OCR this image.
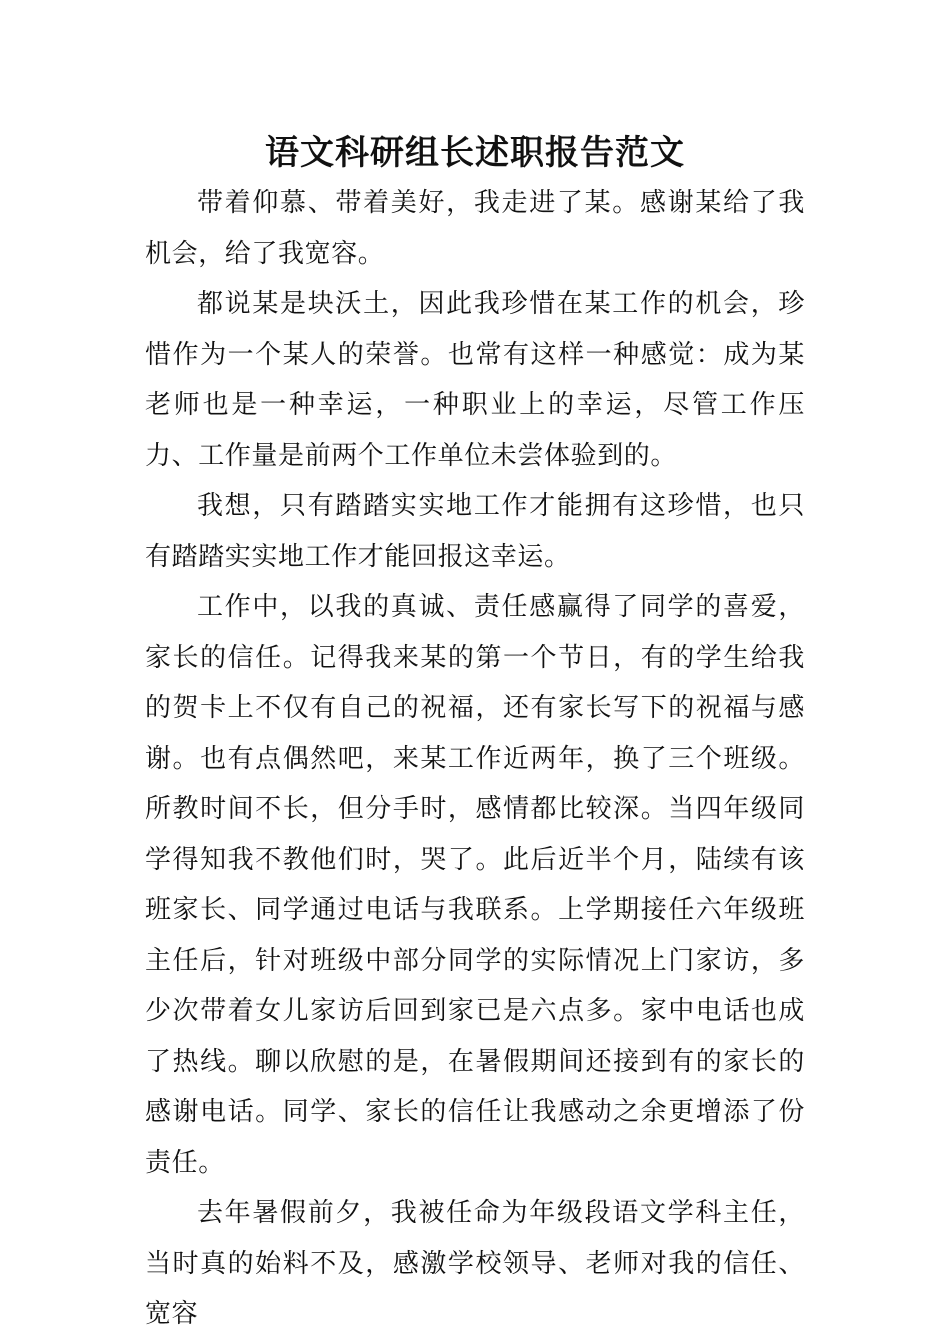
语文科研组长述职报告范文

带着仰慕、带着美好，我走进了某。感谢某给了我机会，给了我宽容。

都说某是块沃土，因此我珍惜在某工作的机会，珍惜作为一个某人的荣誉。也常有这样一种感觉：成为某老师也是一种幸运，一种职业上的幸运，尽管工作压力、工作量是前两个工作单位未尝体验到的。

我想，只有踏踏实实地工作才能拥有这珍惜，也只有踏踏实实地工作才能回报这幸运。

工作中，以我的真诚、责任感赢得了同学的喜爱，家长的信任。记得我来某的第一个节日，有的学生给我的贺卡上不仅有自己的祝福，还有家长写下的祝福与感谢。也有点偶然吧，来某工作近两年，换了三个班级。所教时间不长，但分手时，感情都比较深。当四年级同学得知我不教他们时，哭了。此后近半个月，陆续有该班家长、同学通过电话与我联系。上学期接任六年级班主任后，针对班级中部分同学的实际情况上门家访，多少次带着女儿家访后回到家已是六点多。家中电话也成了热线。聊以欣慰的是，在暑假期间还接到有的家长的感谢电话。同学、家长的信任让我感动之余更增添了份责任。

去年暑假前夕，我被任命为年级段语文学科主任，当时真的始料不及，感激学校领导、老师对我的信任、宽容
